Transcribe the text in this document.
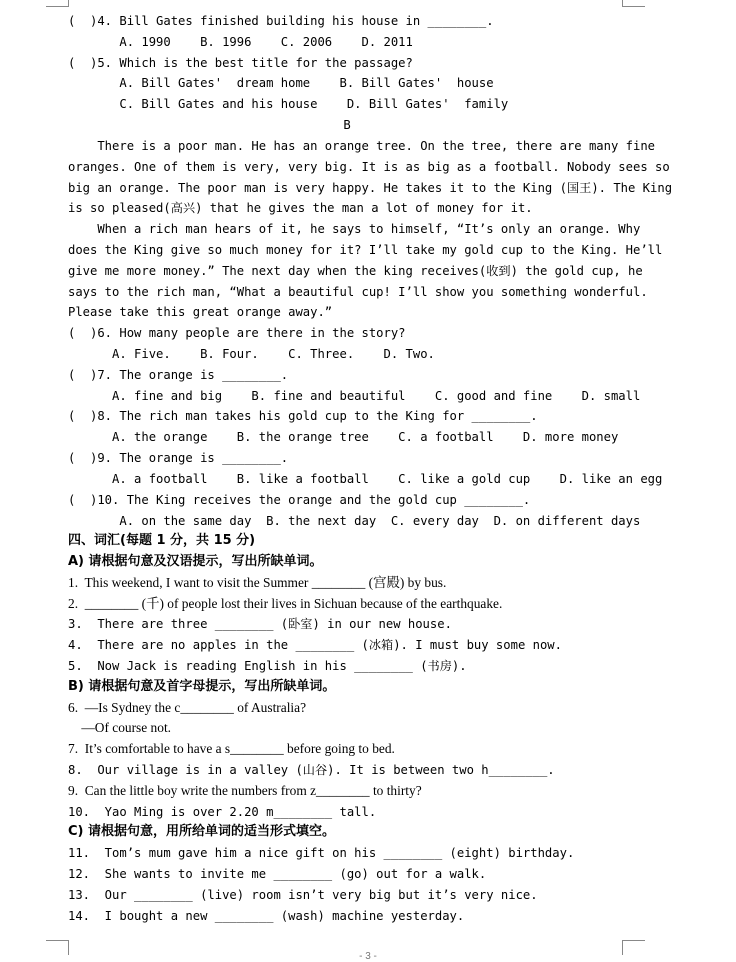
(  )4. Bill Gates finished building his house in ________.
A. 1990    B. 1996    C. 2006    D. 2011
(  )5. Which is the best title for the passage?
A. Bill Gates'  dream home    B. Bill Gates'  house
C. Bill Gates and his house    D. Bill Gates'  family
B
There is a poor man. He has an orange tree. On the tree, there are many fine
oranges. One of them is very, very big. It is as big as a football. Nobody sees so
big an orange. The poor man is very happy. He takes it to the King (国王). The King
is so pleased(高兴) that he gives the man a lot of money for it.
When a rich man hears of it, he says to himself, “It’s only an orange. Why
does the King give so much money for it? I’ll take my gold cup to the King. He’ll
give me more money.” The next day when the king receives(收到) the gold cup, he
says to the rich man, “What a beautiful cup! I’ll show you something wonderful.
Please take this great orange away.”
(  )6. How many people are there in the story?
A. Five.    B. Four.    C. Three.    D. Two.
(  )7. The orange is ________.
A. fine and big    B. fine and beautiful    C. good and fine    D. small
(  )8. The rich man takes his gold cup to the King for ________.
A. the orange    B. the orange tree    C. a football    D. more money
(  )9. The orange is ________.
A. a football    B. like a football    C. like a gold cup    D. like an egg
(  )10. The King receives the orange and the gold cup ________.
A. on the same day  B. the next day  C. every day  D. on different days
四、词汇(每题 1 分，共 15 分)
A) 请根据句意及汉语提示，写出所缺单词。
1.  This weekend, I want to visit the Summer ________ (宫殿) by bus.
2.  ________ (千) of people lost their lives in Sichuan because of the earthquake.
3.  There are three ________ (卧室) in our new house.
4.  There are no apples in the ________ (冰箱). I must buy some now.
5.  Now Jack is reading English in his ________ (书房).
B) 请根据句意及首字母提示，写出所缺单词。
6.  —Is Sydney the c________ of Australia?
—Of course not.
7.  It’s comfortable to have a s________ before going to bed.
8.  Our village is in a valley (山谷). It is between two h________.
9.  Can the little boy write the numbers from z________ to thirty?
10.  Yao Ming is over 2.20 m________ tall.
C) 请根据句意，用所给单词的适当形式填空。
11.  Tom’s mum gave him a nice gift on his ________ (eight) birthday.
12.  She wants to invite me ________ (go) out for a walk.
13.  Our ________ (live) room isn’t very big but it’s very nice.
14.  I bought a new ________ (wash) machine yesterday.
- 3 -
